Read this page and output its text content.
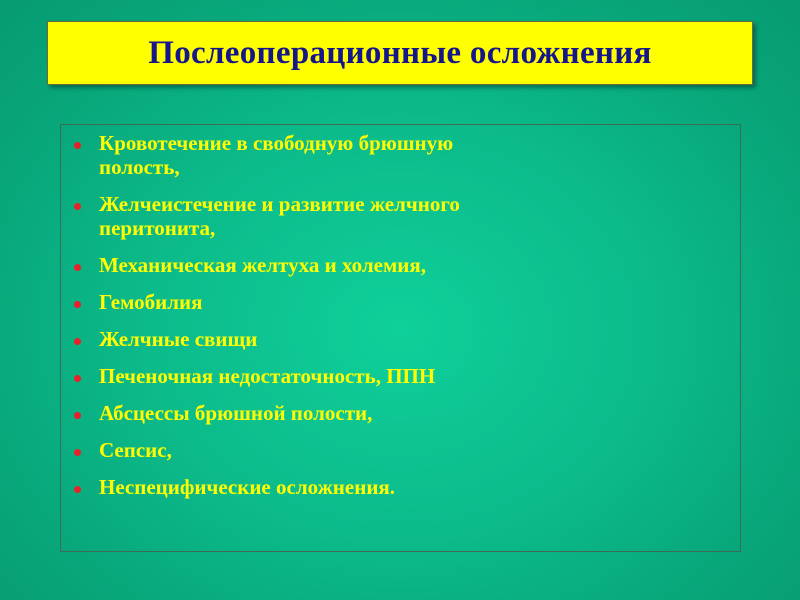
Послеоперационные осложнения
Кровотечение в свободную брюшную
полость,
Желчеистечение и развитие желчного
перитонита,
Механическая желтуха и холемия,
Гемобилия
Желчные свищи
Печеночная недостаточность, ППН
Абсцессы брюшной полости,
Сепсис,
Неспецифические осложнения.
